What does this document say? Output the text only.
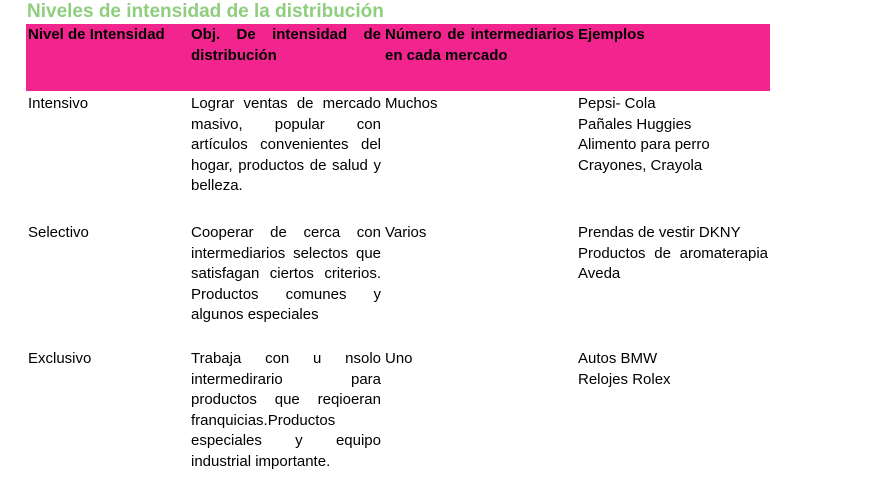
Niveles de intensidad de la distribución
Nivel de Intensidad	Obj. De intensidad de distribución	Número de intermediarios en cada mercado	Ejemplos
Intensivo	Lograr ventas de mercado masivo, popular con artículos convenientes del hogar, productos de salud y belleza.	Muchos	Pepsi- Cola
Pañales Huggies
Alimento para perro
Crayones, Crayola

Selectivo	Cooperar de cerca con intermediarios selectos que satisfagan ciertos criterios. Productos comunes y algunos especiales	Varios	Prendas de vestir DKNY
Productos de aromaterapia Aveda

Exclusivo	Trabaja con u nsolo intermedirario para productos que reqioeran franquicias.Productos especiales y equipo industrial importante.	Uno	Autos BMW
Relojes Rolex
